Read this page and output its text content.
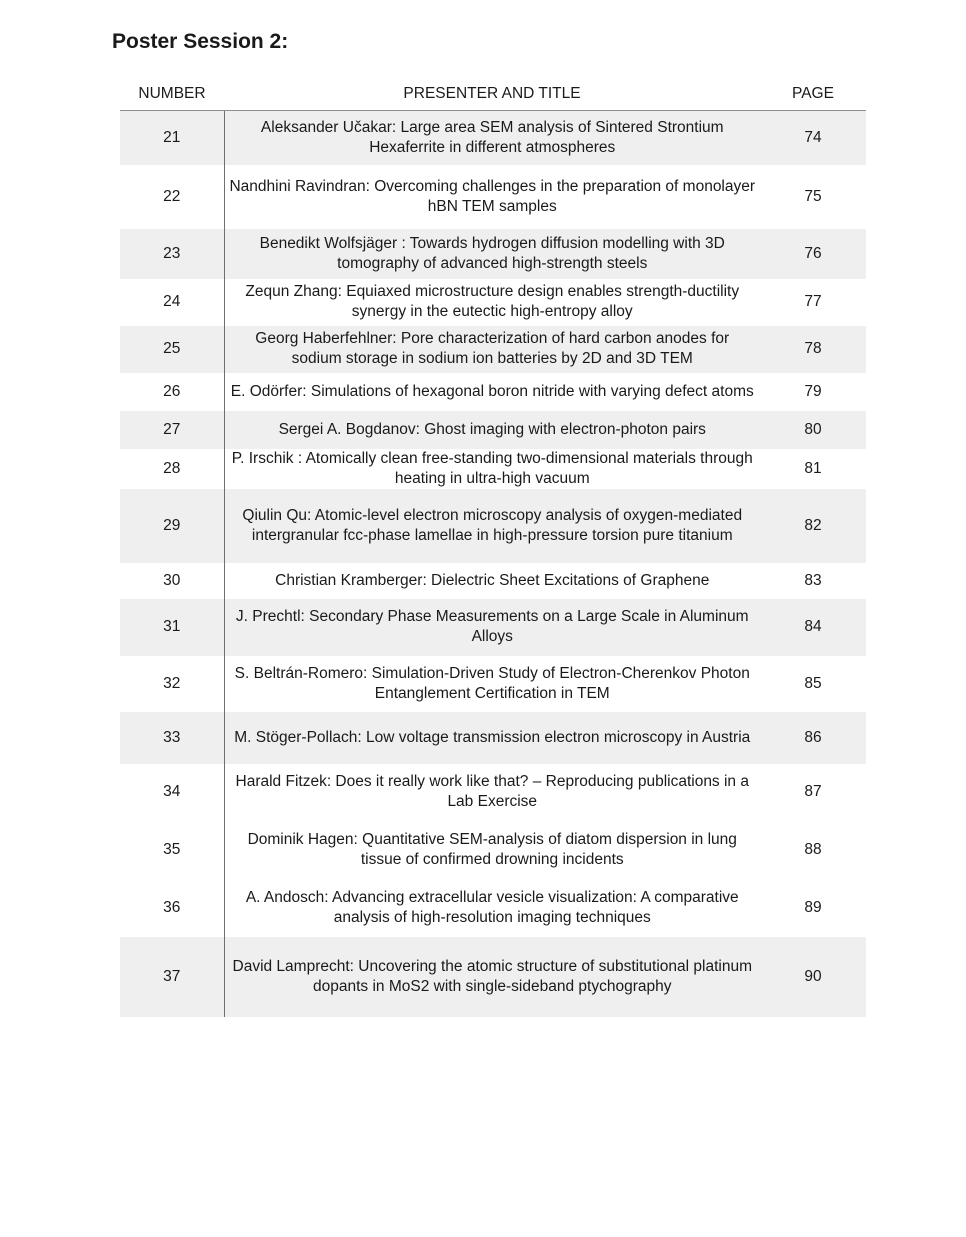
Poster Session 2:
NUMBER	PRESENTER AND TITLE	PAGE
21	Aleksander Učakar: Large area SEM analysis of Sintered Strontium Hexaferrite in different atmospheres	74
22	Nandhini Ravindran: Overcoming challenges in the preparation of monolayer hBN TEM samples	75
23	Benedikt Wolfsjäger : Towards hydrogen diffusion modelling with 3D tomography of advanced high-strength steels	76
24	Zequn Zhang: Equiaxed microstructure design enables strength-ductility synergy in the eutectic high-entropy alloy	77
25	Georg Haberfehlner: Pore characterization of hard carbon anodes for sodium storage in sodium ion batteries by 2D and 3D TEM	78
26	E. Odörfer: Simulations of hexagonal boron nitride with varying defect atoms	79
27	Sergei A. Bogdanov: Ghost imaging with electron-photon pairs	80
28	P. Irschik : Atomically clean free-standing two-dimensional materials through heating in ultra-high vacuum	81
29	Qiulin Qu: Atomic-level electron microscopy analysis of oxygen-mediated intergranular fcc-phase lamellae in high-pressure torsion pure titanium	82
30	Christian Kramberger: Dielectric Sheet Excitations of Graphene	83
31	J. Prechtl: Secondary Phase Measurements on a Large Scale in Aluminum Alloys	84
32	S. Beltrán-Romero: Simulation-Driven Study of Electron-Cherenkov Photon Entanglement Certification in TEM	85
33	M. Stöger-Pollach: Low voltage transmission electron microscopy in Austria	86
34	Harald Fitzek: Does it really work like that? – Reproducing publications in a Lab Exercise	87
35	Dominik Hagen: Quantitative SEM-analysis of diatom dispersion in lung tissue of confirmed drowning incidents	88
36	A. Andosch: Advancing extracellular vesicle visualization: A comparative analysis of high-resolution imaging techniques	89
37	David Lamprecht: Uncovering the atomic structure of substitutional platinum dopants in MoS2 with single-sideband ptychography	90
